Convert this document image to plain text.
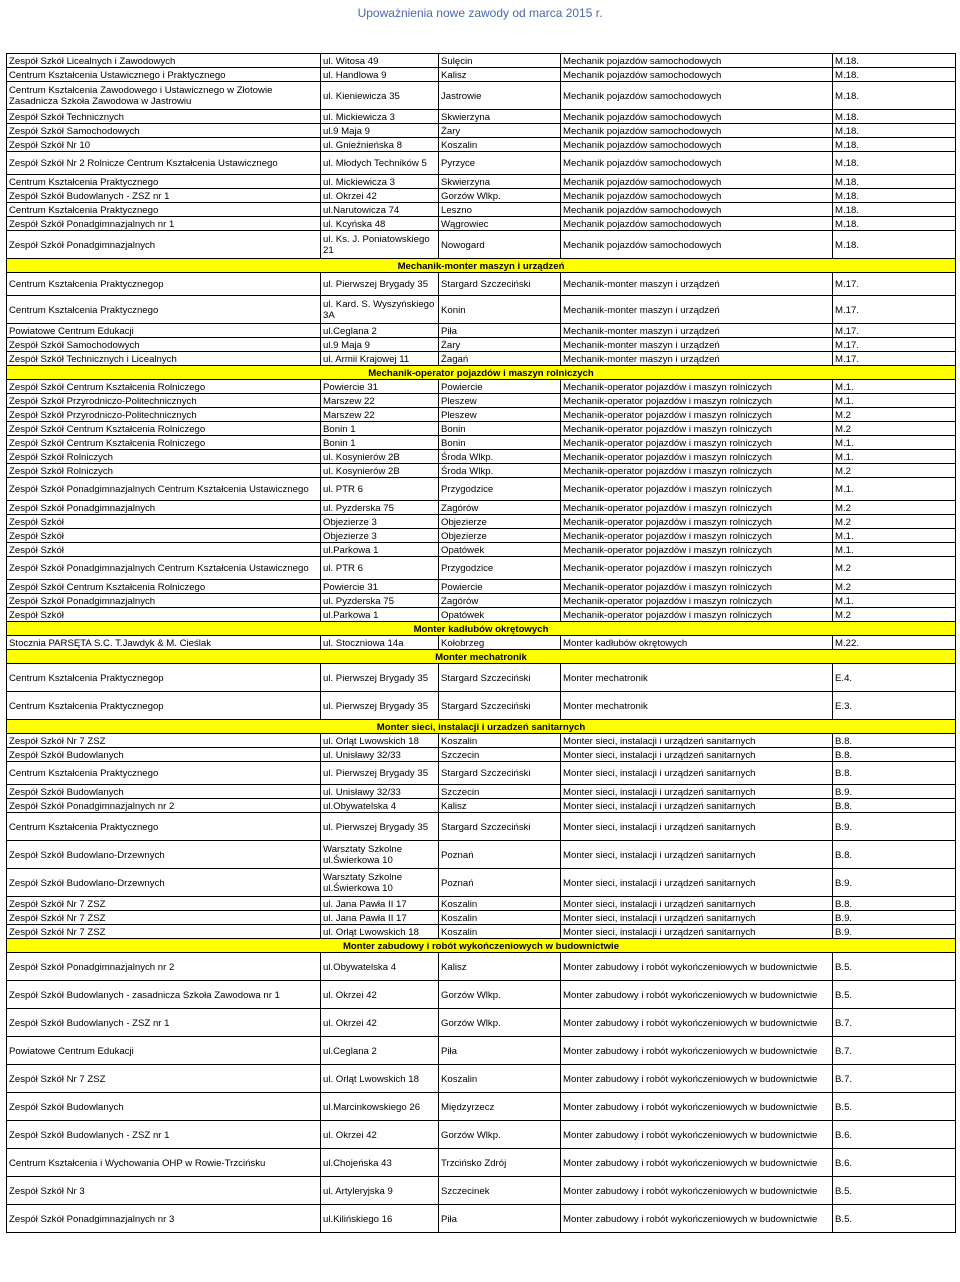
Upoważnienia nowe zawody od marca 2015 r.
Zespół Szkół Licealnych i Zawodowych	ul. Witosa 49	Sulęcin	Mechanik pojazdów samochodowych	M.18.
Centrum Kształcenia Ustawicznego i Praktycznego	ul. Handlowa 9	Kalisz	Mechanik pojazdów samochodowych	M.18.
Centrum Kształcenia Zawodowego i Ustawicznego w Złotowie Zasadnicza Szkoła Zawodowa w Jastrowiu	ul. Kieniewicza 35	Jastrowie	Mechanik pojazdów samochodowych	M.18.
Zespół Szkół Technicznych	ul. Mickiewicza 3	Skwierzyna	Mechanik pojazdów samochodowych	M.18.
Zespół Szkół Samochodowych	ul.9 Maja 9	Żary	Mechanik pojazdów samochodowych	M.18.
Zespół Szkół Nr 10	ul. Gnieźnieńska 8	Koszalin	Mechanik pojazdów samochodowych	M.18.
Zespół Szkół Nr 2 Rolnicze Centrum Kształcenia Ustawicznego	ul. Młodych Techników 5	Pyrzyce	Mechanik pojazdów samochodowych	M.18.
Centrum Kształcenia Praktycznego	ul. Mickiewicza 3	Skwierzyna	Mechanik pojazdów samochodowych	M.18.
Zespół Szkół Budowlanych - ZSZ nr 1	ul. Okrzei 42	Gorzów Wlkp.	Mechanik pojazdów samochodowych	M.18.
Centrum Kształcenia Praktycznego	ul.Narutowicza 74	Leszno	Mechanik pojazdów samochodowych	M.18.
Zespół Szkół Ponadgimnazjalnych nr 1	ul. Kcyńska 48	Wągrowiec	Mechanik pojazdów samochodowych	M.18.
Zespół Szkół Ponadgimnazjalnych	ul. Ks. J. Poniatowskiego 21	Nowogard	Mechanik pojazdów samochodowych	M.18.
Mechanik-monter maszyn i urządzeń				
Centrum Kształcenia Praktycznegop	ul. Pierwszej Brygady 35	Stargard Szczeciński	Mechanik-monter maszyn i urządzeń	M.17.
Centrum Kształcenia Praktycznego	ul. Kard. S. Wyszyńskiego 3A	Konin	Mechanik-monter maszyn i urządzeń	M.17.
Powiatowe Centrum Edukacji	ul.Ceglana 2	Piła	Mechanik-monter maszyn i urządzeń	M.17.
Zespół Szkół Samochodowych	ul.9 Maja 9	Żary	Mechanik-monter maszyn i urządzeń	M.17.
Zespół Szkół Technicznych i Licealnych	ul. Armii Krajowej 11	Żagań	Mechanik-monter maszyn i urządzeń	M.17.
Mechanik-operator pojazdów i maszyn rolniczych				
Zespół Szkół Centrum Kształcenia Rolniczego	Powiercie 31	Powiercie	Mechanik-operator pojazdów i maszyn rolniczych	M.1.
Zespół Szkół Przyrodniczo-Politechnicznych	Marszew 22	Pleszew	Mechanik-operator pojazdów i maszyn rolniczych	M.1.
Zespół Szkół Przyrodniczo-Politechnicznych	Marszew 22	Pleszew	Mechanik-operator pojazdów i maszyn rolniczych	M.2
Zespół Szkół Centrum Kształcenia Rolniczego	Bonin 1	Bonin	Mechanik-operator pojazdów i maszyn rolniczych	M.2
Zespół Szkół Centrum Kształcenia Rolniczego	Bonin 1	Bonin	Mechanik-operator pojazdów i maszyn rolniczych	M.1.
Zespół Szkół Rolniczych	ul. Kosynierów 2B	Środa Wlkp.	Mechanik-operator pojazdów i maszyn rolniczych	M.1.
Zespół Szkół Rolniczych	ul. Kosynierów 2B	Środa Wlkp.	Mechanik-operator pojazdów i maszyn rolniczych	M.2
Zespół Szkół Ponadgimnazjalnych Centrum Kształcenia Ustawicznego	ul. PTR 6	Przygodzice	Mechanik-operator pojazdów i maszyn rolniczych	M.1.
Zespół Szkół Ponadgimnazjalnych	ul. Pyzderska 75	Zagórów	Mechanik-operator pojazdów i maszyn rolniczych	M.2
Zespół Szkół	Objezierze 3	Objezierze	Mechanik-operator pojazdów i maszyn rolniczych	M.2
Zespół Szkół	Objezierze 3	Objezierze	Mechanik-operator pojazdów i maszyn rolniczych	M.1.
Zespół Szkół	ul.Parkowa 1	Opatówek	Mechanik-operator pojazdów i maszyn rolniczych	M.1.
Zespół Szkół Ponadgimnazjalnych Centrum Kształcenia Ustawicznego	ul. PTR 6	Przygodzice	Mechanik-operator pojazdów i maszyn rolniczych	M.2
Zespół Szkół Centrum Kształcenia Rolniczego	Powiercie 31	Powiercie	Mechanik-operator pojazdów i maszyn rolniczych	M.2
Zespół Szkół Ponadgimnazjalnych	ul. Pyzderska 75	Zagórów	Mechanik-operator pojazdów i maszyn rolniczych	M.1.
Zespół Szkół	ul.Parkowa 1	Opatówek	Mechanik-operator pojazdów i maszyn rolniczych	M.2
Monter kadłubów okrętowych				
Stocznia PARSĘTA S.C. T.Jawdyk & M. Cieślak	ul. Stoczniowa 14a	Kołobrzeg	Monter kadłubów okrętowych	M.22.
Monter mechatronik				
Centrum Kształcenia Praktycznegop	ul. Pierwszej Brygady 35	Stargard Szczeciński	Monter mechatronik	E.4.
Centrum Kształcenia Praktycznegop	ul. Pierwszej Brygady 35	Stargard Szczeciński	Monter mechatronik	E.3.
Monter sieci, instalacji i urzadzeń sanitarnych				
Zespół Szkół Nr 7 ZSZ	ul. Orląt Lwowskich 18	Koszalin	Monter sieci, instalacji i urządzeń sanitarnych	B.8.
Zespół Szkół Budowlanych	ul. Unisławy 32/33	Szczecin	Monter sieci, instalacji i urządzeń sanitarnych	B.8.
Centrum Kształcenia Praktycznego	ul. Pierwszej Brygady 35	Stargard Szczeciński	Monter sieci, instalacji i urządzeń sanitarnych	B.8.
Zespół Szkół Budowlanych	ul. Unisławy 32/33	Szczecin	Monter sieci, instalacji i urządzeń sanitarnych	B.9.
Zespół Szkół Ponadgimnazjalnych nr 2	ul.Obywatelska 4	Kalisz	Monter sieci, instalacji i urządzeń sanitarnych	B.8.
Centrum Kształcenia Praktycznego	ul. Pierwszej Brygady 35	Stargard Szczeciński	Monter sieci, instalacji i urządzeń sanitarnych	B.9.
Zespół Szkół Budowlano-Drzewnych	Warsztaty Szkolne ul.Świerkowa 10	Poznań	Monter sieci, instalacji i urządzeń sanitarnych	B.8.
Zespół Szkół Budowlano-Drzewnych	Warsztaty Szkolne ul.Świerkowa 10	Poznań	Monter sieci, instalacji i urządzeń sanitarnych	B.9.
Zespół Szkół Nr 7 ZSZ	ul. Jana Pawła II 17	Koszalin	Monter sieci, instalacji i urządzeń sanitarnych	B.8.
Zespół Szkół Nr 7 ZSZ	ul. Jana Pawła II 17	Koszalin	Monter sieci, instalacji i urządzeń sanitarnych	B.9.
Zespół Szkół Nr 7 ZSZ	ul. Orląt Lwowskich 18	Koszalin	Monter sieci, instalacji i urządzeń sanitarnych	B.9.
Monter zabudowy i robót wykończeniowych w budownictwie				
Zespół Szkół Ponadgimnazjalnych nr 2	ul.Obywatelska 4	Kalisz	Monter zabudowy i robót wykończeniowych w budownictwie	B.5.
Zespół Szkół Budowlanych - zasadnicza Szkoła Zawodowa nr 1	ul. Okrzei 42	Gorzów Wlkp.	Monter zabudowy i robót wykończeniowych w budownictwie	B.5.
Zespół Szkół Budowlanych - ZSZ nr 1	ul. Okrzei 42	Gorzów Wlkp.	Monter zabudowy i robót wykończeniowych w budownictwie	B.7.
Powiatowe Centrum Edukacji	ul.Ceglana 2	Piła	Monter zabudowy i robót wykończeniowych w budownictwie	B.7.
Zespół Szkół Nr 7 ZSZ	ul. Orląt Lwowskich 18	Koszalin	Monter zabudowy i robót wykończeniowych w budownictwie	B.7.
Zespół Szkół Budowlanych	ul.Marcinkowskiego 26	Międzyrzecz	Monter zabudowy i robót wykończeniowych w budownictwie	B.5.
Zespół Szkół Budowlanych - ZSZ nr 1	ul. Okrzei 42	Gorzów Wlkp.	Monter zabudowy i robót wykończeniowych w budownictwie	B.6.
Centrum Kształcenia i Wychowania OHP w Rowie-Trzcińsku	ul.Chojeńska 43	Trzcińsko Zdrój	Monter zabudowy i robót wykończeniowych w budownictwie	B.6.
Zespół Szkół Nr 3	ul. Artyleryjska 9	Szczecinek	Monter zabudowy i robót wykończeniowych w budownictwie	B.5.
Zespół Szkół Ponadgimnazjalnych nr 3	ul.Kilińskiego 16	Piła	Monter zabudowy i robót wykończeniowych w budownictwie	B.5.
